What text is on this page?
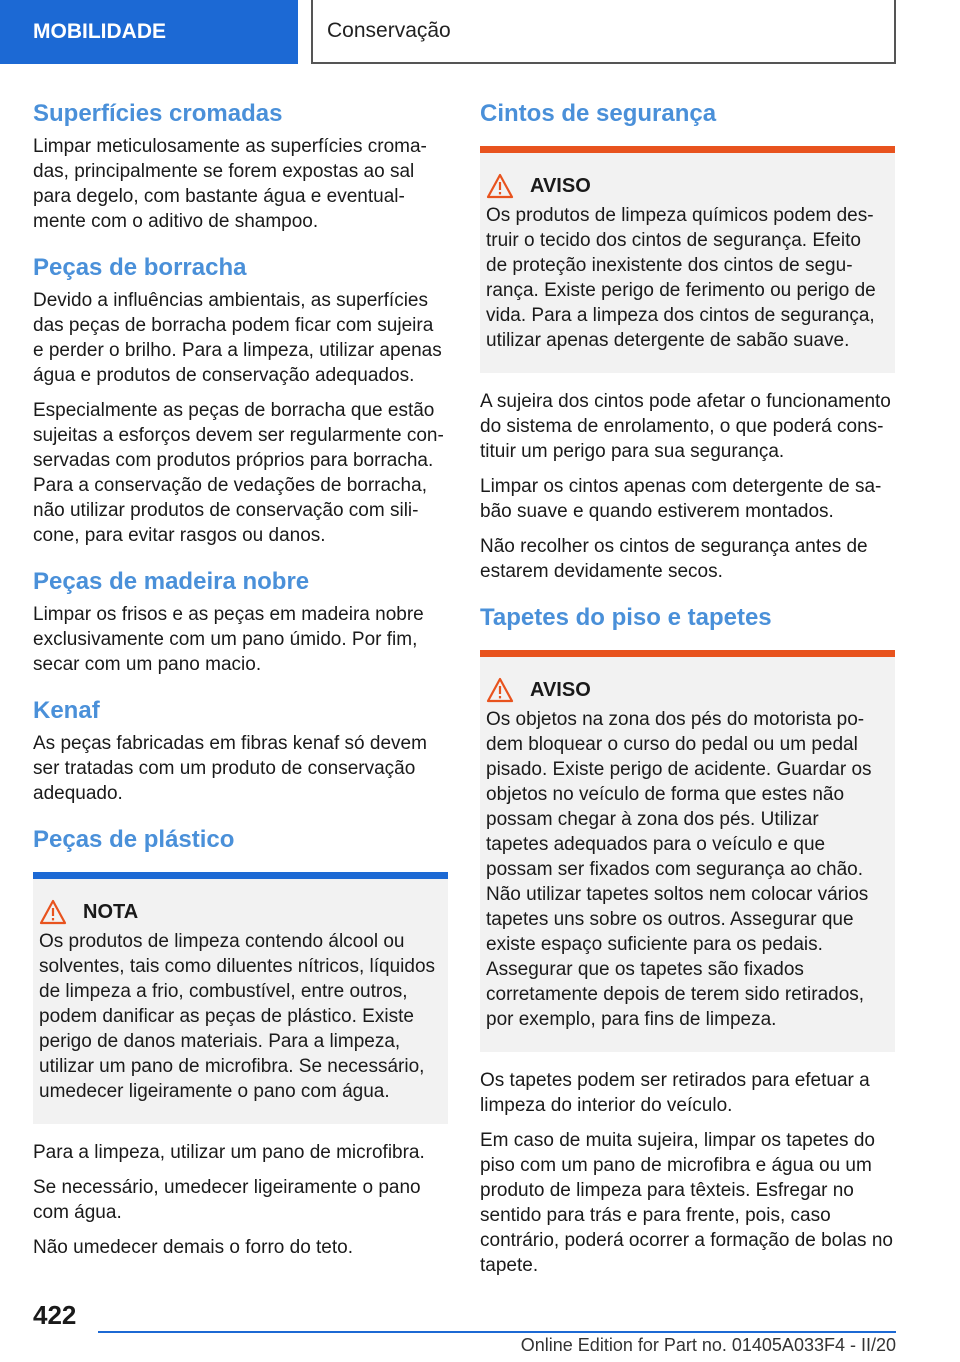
MOBILIDADE	Conservação
Superfícies cromadas

Limpar meticulosamente as superfícies cromadas, principalmente se forem expostas ao sal para degelo, com bastante água e eventualmente com o aditivo de shampoo.

Peças de borracha

Devido a influências ambientais, as superfícies das peças de borracha podem ficar com sujeira e perder o brilho. Para a limpeza, utilizar apenas água e produtos de conservação adequados.

Especialmente as peças de borracha que estão sujeitas a esforços devem ser regularmente conservadas com produtos próprios para borracha. Para a conservação de vedações de borracha, não utilizar produtos de conservação com silicone, para evitar rasgos ou danos.

Peças de madeira nobre

Limpar os frisos e as peças em madeira nobre exclusivamente com um pano úmido. Por fim, secar com um pano macio.

Kenaf

As peças fabricadas em fibras kenaf só devem ser tratadas com um produto de conservação adequado.

Peças de plástico
NOTA

Os produtos de limpeza contendo álcool ou solventes, tais como diluentes nítricos, líquidos de limpeza a frio, combustível, entre outros, podem danificar as peças de plástico. Existe perigo de danos materiais. Para a limpeza, utilizar um pano de microfibra. Se necessário, umedecer ligeiramente o pano com água.

Para a limpeza, utilizar um pano de microfibra.

Se necessário, umedecer ligeiramente o pano com água.

Não umedecer demais o forro do teto.

Cintos de segurança
AVISO

Os produtos de limpeza químicos podem destruir o tecido dos cintos de segurança. Efeito de proteção inexistente dos cintos de segurança. Existe perigo de ferimento ou perigo de vida. Para a limpeza dos cintos de segurança, utilizar apenas detergente de sabão suave.

A sujeira dos cintos pode afetar o funcionamento do sistema de enrolamento, o que poderá constituir um perigo para sua segurança.

Limpar os cintos apenas com detergente de sabão suave e quando estiverem montados.

Não recolher os cintos de segurança antes de estarem devidamente secos.

Tapetes do piso e tapetes
AVISO

Os objetos na zona dos pés do motorista podem bloquear o curso do pedal ou um pedal pisado. Existe perigo de acidente. Guardar os objetos no veículo de forma que estes não possam chegar à zona dos pés. Utilizar tapetes adequados para o veículo e que possam ser fixados com segurança ao chão. Não utilizar tapetes soltos nem colocar vários tapetes uns sobre os outros. Assegurar que existe espaço suficiente para os pedais. Assegurar que os tapetes são fixados corretamente depois de terem sido retirados, por exemplo, para fins de limpeza.

Os tapetes podem ser retirados para efetuar a limpeza do interior do veículo.

Em caso de muita sujeira, limpar os tapetes do piso com um pano de microfibra e água ou um produto de limpeza para têxteis. Esfregar no sentido para trás e para frente, pois, caso contrário, poderá ocorrer a formação de bolas no tapete.

422
Online Edition for Part no. 01405A033F4 - II/20
